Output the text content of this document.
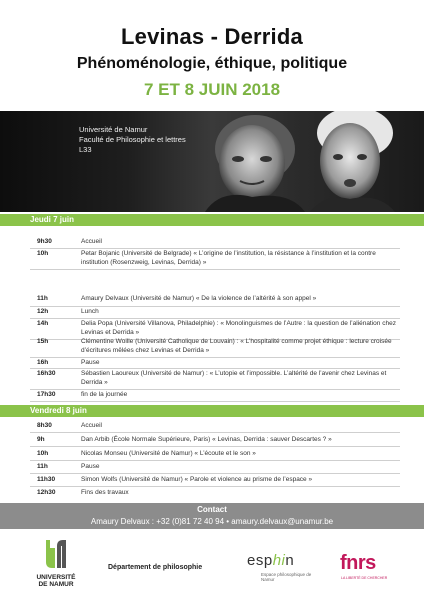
Levinas - Derrida
Phénoménologie, éthique, politique
7 ET 8 JUIN 2018
Université de Namur
Faculté de Philosophie et lettres
L33
Jeudi 7 juin
9h30	Accueil
10h	Petar Bojanic (Université de Belgrade) « L’origine de l’institution, la résistance à l’institution et la contre institution (Rosenzweig, Levinas, Derrida) »
11h	Amaury Delvaux (Université de Namur) « De la violence de l’altérité à son appel »
12h	Lunch
14h	Delia Popa (Université Villanova, Philadelphie) : « Monolinguismes de l’Autre : la question de l’aliénation chez Levinas et Derrida »
15h	Clémentine Woille (Université Catholique de Louvain) : « L’hospitalité comme projet éthique : lecture croisée d’écritures mêlées chez Levinas et Derrida »
16h	Pause
16h30	Sébastien Laoureux (Université de Namur) : « L’utopie et l’impossible. L’altérité de l’avenir chez Levinas et Derrida »
17h30	fin de la journée
Vendredi 8 juin
8h30	Accueil
9h	Dan Arbib (École Normale Supérieure, Paris) « Levinas, Derrida : sauver Descartes ? »
10h	Nicolas Monseu (Université de Namur) « L’écoute et le son »
11h	Pause
11h30	Simon Wolfs (Université de Namur) « Parole et violence au prisme de l’espace »
12h30	Fins des travaux
Contact
Amaury Delvaux : +32 (0)81 72 40 94 • amaury.delvaux@unamur.be
UNIVERSITÉ
DE NAMUR
Département de philosophie	esphin
Espace philosophique de Namur
fnrs
LA LIBERTÉ DE CHERCHER
